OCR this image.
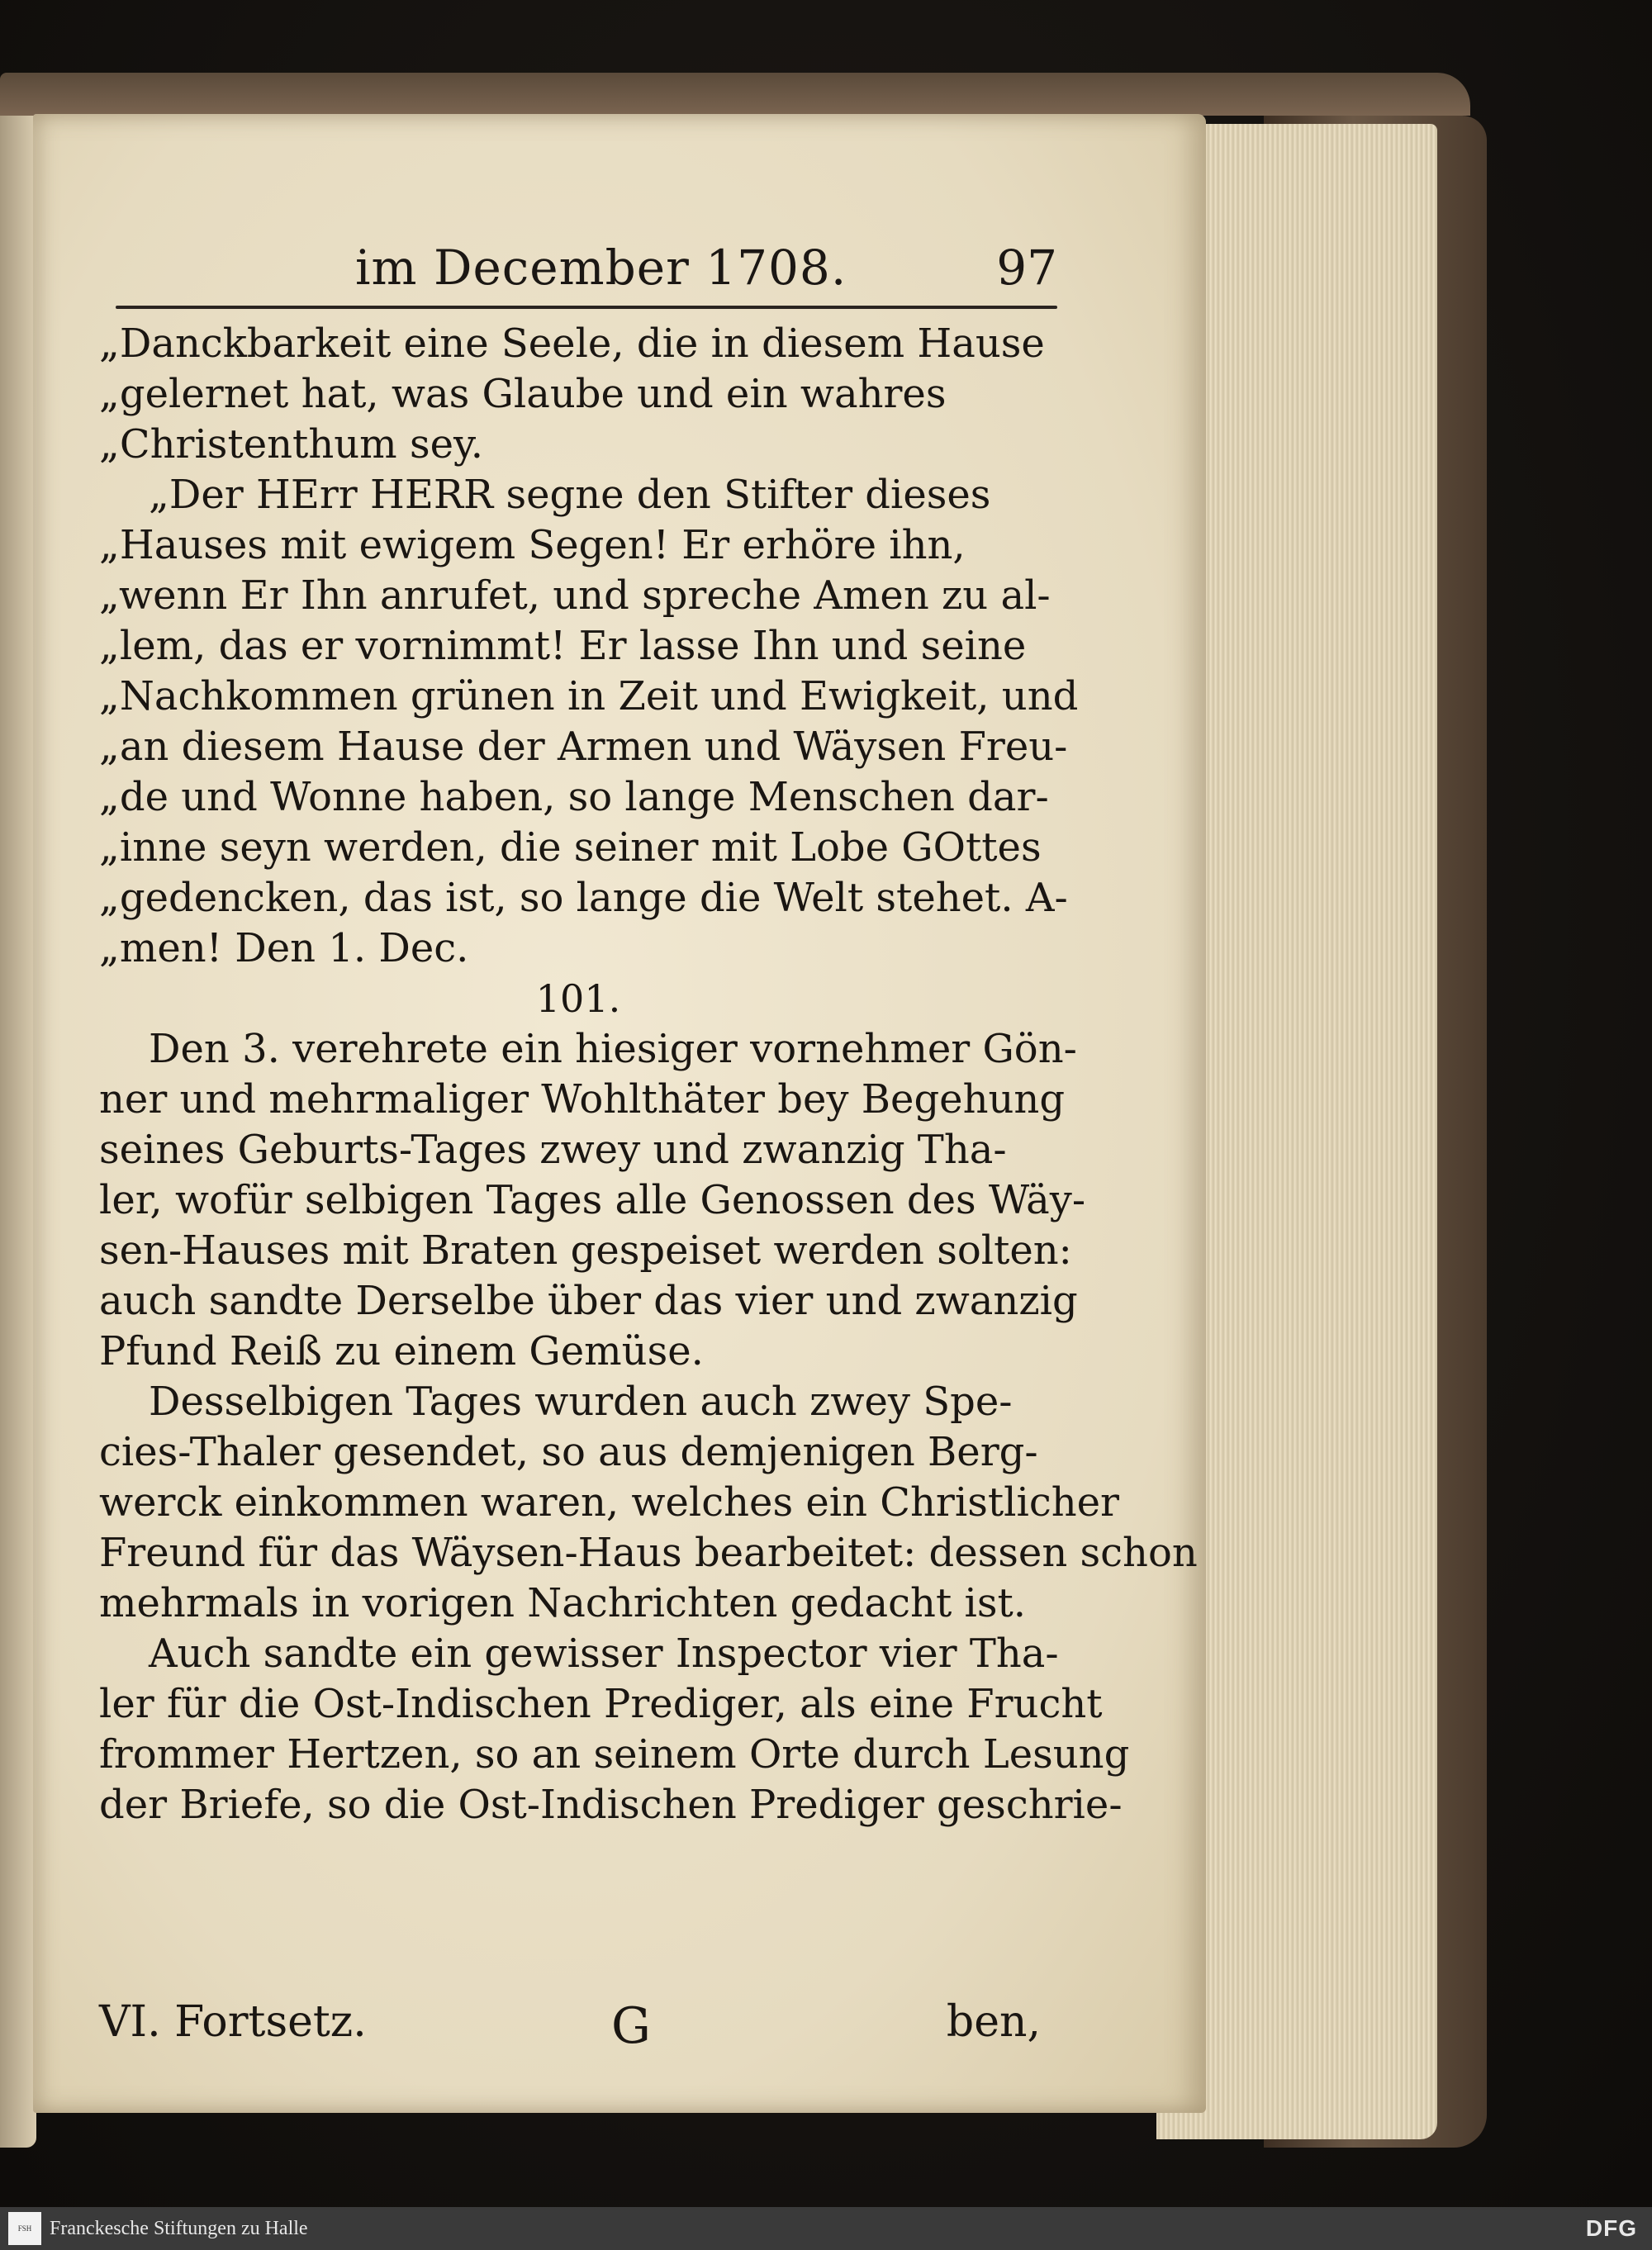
im December 1708.	97
„Danckbarkeit eine Seele, die in diesem Hause
„gelernet hat, was Glaube und ein wahres
„Christenthum sey.
„Der HErr HERR segne den Stifter dieses
„Hauses mit ewigem Segen! Er erhöre ihn,
„wenn Er Ihn anrufet, und spreche Amen zu al-
„lem, das er vornimmt! Er lasse Ihn und seine
„Nachkommen grünen in Zeit und Ewigkeit, und
„an diesem Hause der Armen und Wäysen Freu-
„de und Wonne haben, so lange Menschen dar-
„inne seyn werden, die seiner mit Lobe GOttes
„gedencken, das ist, so lange die Welt stehet. A-
„men! Den 1. Dec.
101.
Den 3. verehrete ein hiesiger vornehmer Gön-
ner und mehrmaliger Wohlthäter bey Begehung
seines Geburts-Tages zwey und zwanzig Tha-
ler, wofür selbigen Tages alle Genossen des Wäy-
sen-Hauses mit Braten gespeiset werden solten:
auch sandte Derselbe über das vier und zwanzig
Pfund Reiß zu einem Gemüse.
Desselbigen Tages wurden auch zwey Spe-
cies-Thaler gesendet, so aus demjenigen Berg-
werck einkommen waren, welches ein Christlicher
Freund für das Wäysen-Haus bearbeitet: dessen schon
mehrmals in vorigen Nachrichten gedacht ist.
Auch sandte ein gewisser Inspector vier Tha-
ler für die Ost-Indischen Prediger, als eine Frucht
frommer Hertzen, so an seinem Orte durch Lesung
der Briefe, so die Ost-Indischen Prediger geschrie-
VI. Fortsetz.	G	ben,
FSH Franckesche Stiftungen zu Halle	DFG
